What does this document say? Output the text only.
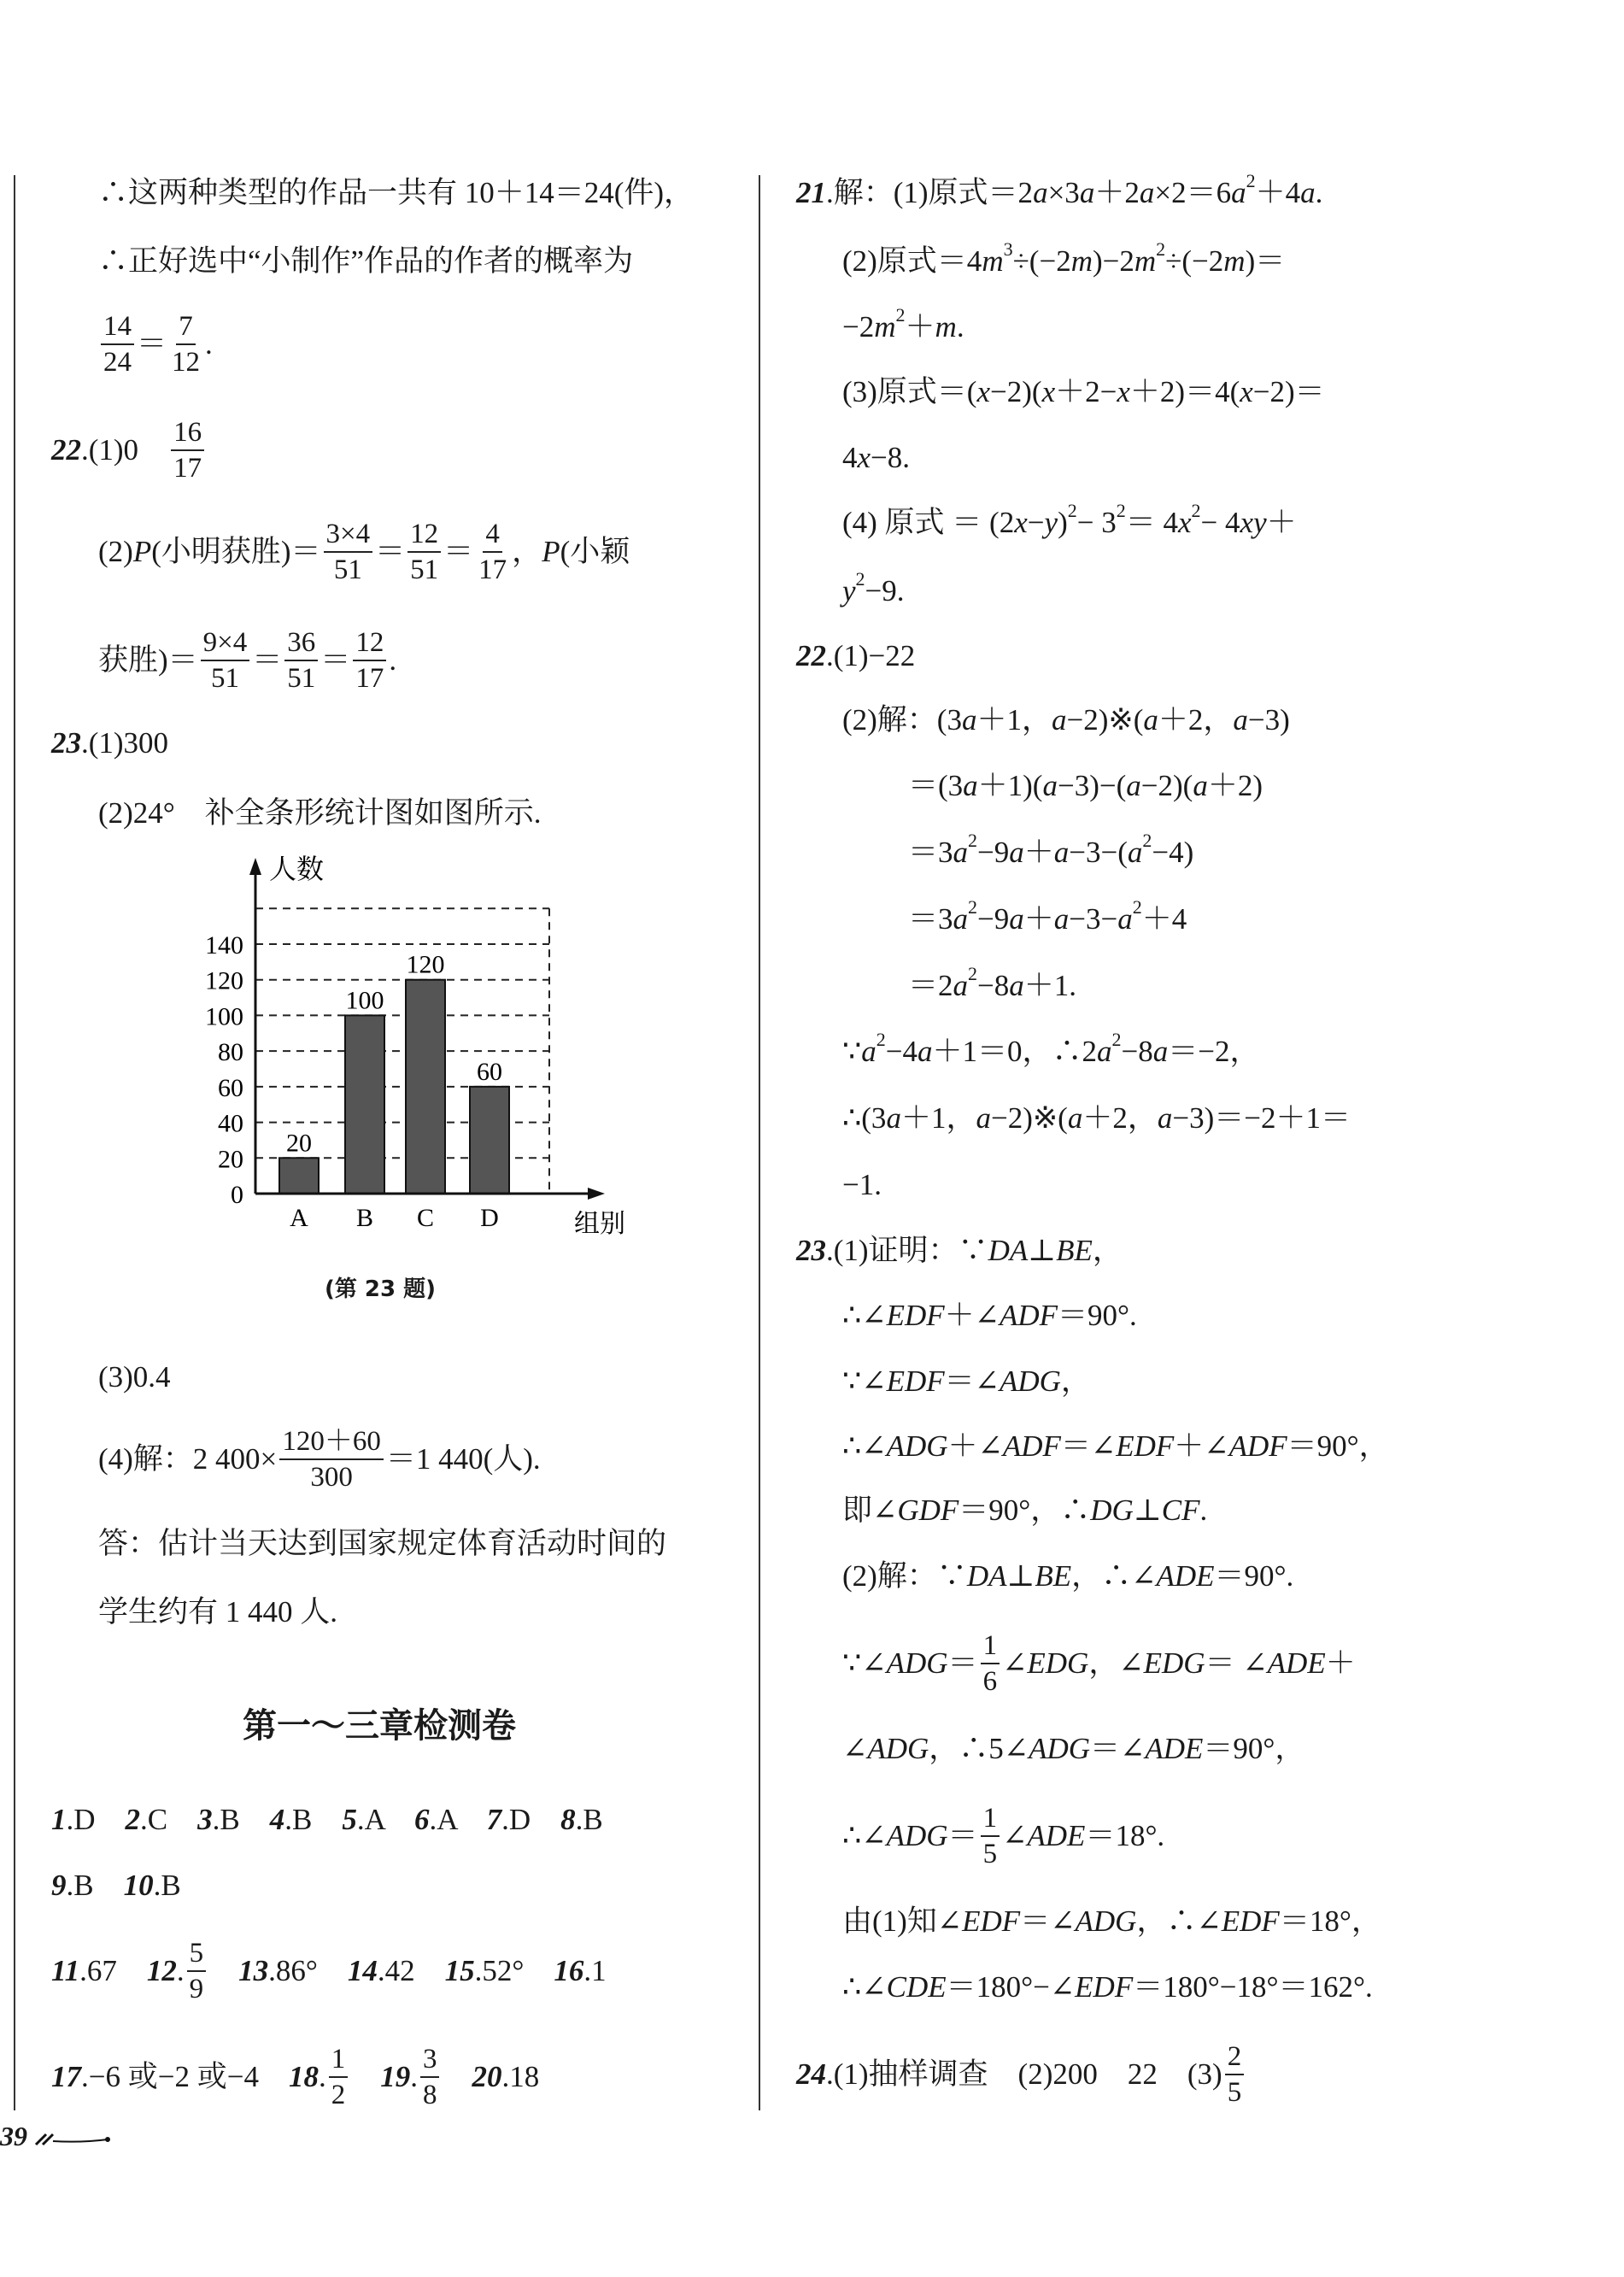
∴这两种类型的作品一共有 10＋14＝24(件)，
∴正好选中“小制作”作品的作者的概率为
$\frac{14}{24} = \frac{7}{12}$ .
22 .(1)0　 $\frac{16}{17}$
(2) P (小明获胜)＝ $\frac{3\times 4}{51} = \frac{12}{51} = \frac{4}{17}$ ， P (小颖
获胜)＝ $\frac{9\times 4}{51} = \frac{36}{51} = \frac{12}{17}$ .
23 .(1)300
(2)24°　补全条形统计图如图所示.
(3)0.4
(4)解：2 $400\times \frac{120+60}{300} =1$ 440(人).
答：估计当天达到国家规定体育活动时间的
学生约有 1 440 人.
1 .D　 2 .C　 3 .B　 4 .B　 5 .A　 6 .A　 7 .D　 8 .B
9 .B　 10 .B
11 .67　 12 . $\frac{5}{9}$
　 13 .86°　 14 .42　 15 .52°　 16 .1
17 .−6 或−2 或−4　 18 . $\frac{1}{2}$
　 19 . $\frac{3}{8}$
　 20 .18
21 .解：(1)原式＝2 a ×3 a ＋2 a ×2＝6 a 2 ＋4 a .
(2)原式＝4 m 3 ÷(−2 m )−2 m 2 ÷(−2 m )＝
−2 m 2 ＋ m .
(3)原式＝( x −2)( x ＋2− x ＋2)＝4( x −2)＝
4 x −8.
(4) 原式 ＝ (2 x − y ) 2 − 3 2 ＝ 4 x 2 − 4 xy ＋
y 2 −9.
22 .(1)−22
(2)解：(3 a ＋1， a −2)※( a ＋2， a −3)
＝(3 a ＋1)( a −3)−( a −2)( a ＋2)
＝3 a 2 −9 a ＋ a −3−( a 2 −4)
＝3 a 2 −9 a ＋ a −3− a 2 ＋4
＝2 a 2 −8 a ＋1.
∵ a 2 −4 a ＋1＝0，∴2 a 2 −8 a ＝−2，
∴(3 a ＋1， a −2)※( a ＋2， a −3)＝−2＋1＝
−1.
23 .(1)证明：∵ DA ⊥ BE ，
∴∠ EDF ＋∠ ADF ＝90°.
∵∠ EDF ＝∠ ADG ，
∴∠ ADG ＋∠ ADF ＝∠ EDF ＋∠ ADF ＝90°，
即∠ GDF ＝90°，∴ DG ⊥ CF .
(2)解：∵ DA ⊥ BE ，∴∠ ADE ＝90°.
∵∠ ADG ＝ $\frac{1}{6}$ ∠ EDG ，∠ EDG ＝ ∠ ADE ＋
∠ ADG ，∴5∠ ADG ＝∠ ADE ＝90°，
∴∠ ADG ＝ $\frac{1}{5}$ ∠ ADE ＝18°.
由(1)知∠ EDF ＝∠ ADG ，∴∠ EDF ＝18°，
∴∠ CDE ＝180°−∠ EDF ＝180°−18°＝162°.
24 .(1)抽样调查　(2)200　22　$(3) \frac{2}{5}$
20
A
100
B
120
C
60
D
0
20
40
60
80
100
120
140
人数
组别
(第 23 题)
第一～三章检测卷
39
